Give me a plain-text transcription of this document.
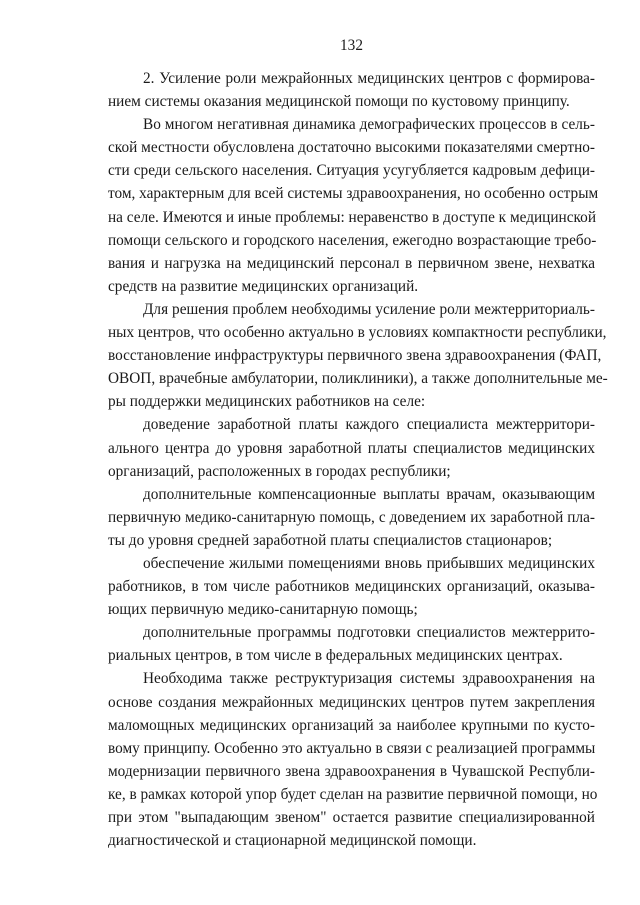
132
2. Усиление роли межрайонных медицинских центров с формирова-
нием системы оказания медицинской помощи по кустовому принципу.
Во многом негативная динамика демографических процессов в сель-
ской местности обусловлена достаточно высокими показателями смертно-
сти среди сельского населения. Ситуация усугубляется кадровым дефици-
том, характерным для всей системы здравоохранения, но особенно острым
на селе. Имеются и иные проблемы: неравенство в доступе к медицинской
помощи сельского и городского населения, ежегодно возрастающие требо-
вания и нагрузка на медицинский персонал в первичном звене, нехватка
средств на развитие медицинских организаций.
Для решения проблем необходимы усиление роли межтерриториаль-
ных центров, что особенно актуально в условиях компактности республики,
восстановление инфраструктуры первичного звена здравоохранения (ФАП,
ОВОП, врачебные амбулатории, поликлиники), а также дополнительные ме-
ры поддержки медицинских работников на селе:
доведение заработной платы каждого специалиста межтерритори-
ального центра до уровня заработной платы специалистов медицинских
организаций, расположенных в городах республики;
дополнительные компенсационные выплаты врачам, оказывающим
первичную медико-санитарную помощь, с доведением их заработной пла-
ты до уровня средней заработной платы специалистов стационаров;
обеспечение жилыми помещениями вновь прибывших медицинских
работников, в том числе работников медицинских организаций, оказыва-
ющих первичную медико-санитарную помощь;
дополнительные программы подготовки специалистов межтеррито-
риальных центров, в том числе в федеральных медицинских центрах.
Необходима также реструктуризация системы здравоохранения на
основе создания межрайонных медицинских центров путем закрепления
маломощных медицинских организаций за наиболее крупными по кусто-
вому принципу. Особенно это актуально в связи с реализацией программы
модернизации первичного звена здравоохранения в Чувашской Республи-
ке, в рамках которой упор будет сделан на развитие первичной помощи, но
при этом "выпадающим звеном" остается развитие специализированной
диагностической и стационарной медицинской помощи.
